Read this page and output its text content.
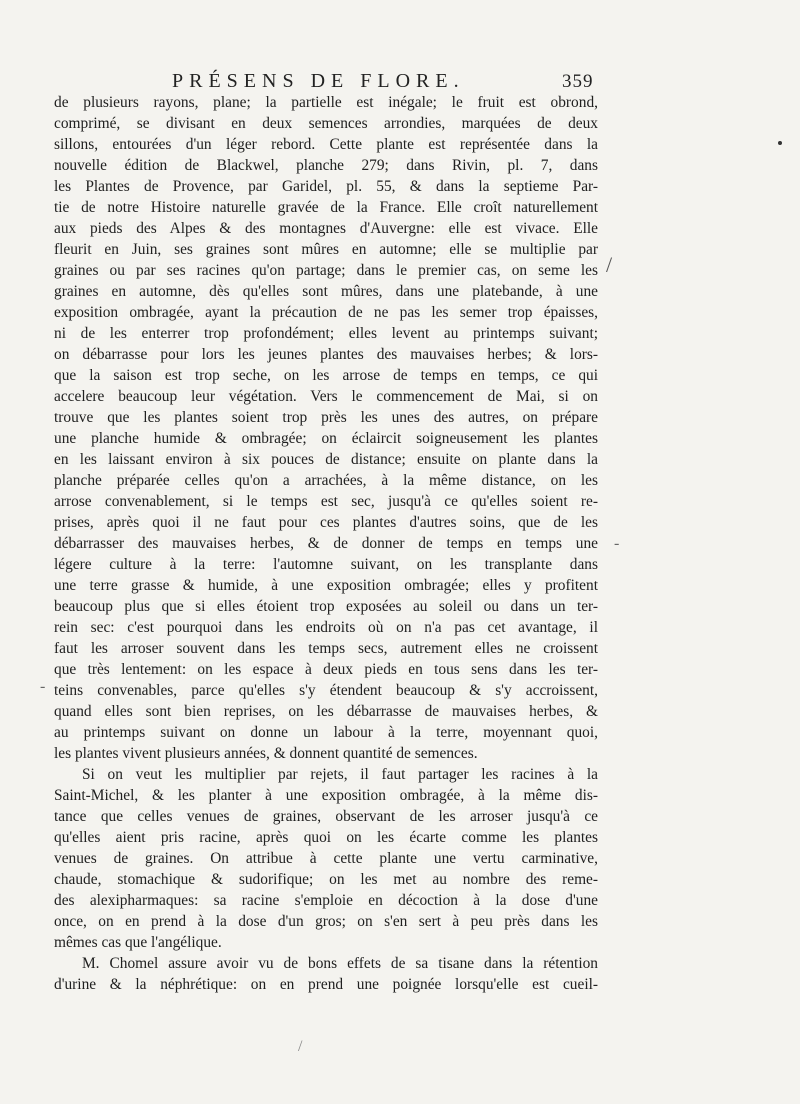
PRÉSENS DE FLORE.	359
de plusieurs rayons, plane; la partielle est inégale; le fruit est obrond,
comprimé, se divisant en deux semences arrondies, marquées de deux
sillons, entourées d'un léger rebord. Cette plante est représentée dans la
nouvelle édition de Blackwel, planche 279; dans Rivin, pl. 7, dans
les Plantes de Provence, par Garidel, pl. 55, & dans la septieme Par-
tie de notre Histoire naturelle gravée de la France. Elle croît naturellement
aux pieds des Alpes & des montagnes d'Auvergne: elle est vivace. Elle
fleurit en Juin, ses graines sont mûres en automne; elle se multiplie par
graines ou par ses racines qu'on partage; dans le premier cas, on seme les
graines en automne, dès qu'elles sont mûres, dans une platebande, à une
exposition ombragée, ayant la précaution de ne pas les semer trop épaisses,
ni de les enterrer trop profondément; elles levent au printemps suivant;
on débarrasse pour lors les jeunes plantes des mauvaises herbes; & lors-
que la saison est trop seche, on les arrose de temps en temps, ce qui
accelere beaucoup leur végétation. Vers le commencement de Mai, si on
trouve que les plantes soient trop près les unes des autres, on prépare
une planche humide & ombragée; on éclaircit soigneusement les plantes
en les laissant environ à six pouces de distance; ensuite on plante dans la
planche préparée celles qu'on a arrachées, à la même distance, on les
arrose convenablement, si le temps est sec, jusqu'à ce qu'elles soient re-
prises, après quoi il ne faut pour ces plantes d'autres soins, que de les
débarrasser des mauvaises herbes, & de donner de temps en temps une
légere culture à la terre: l'automne suivant, on les transplante dans
une terre grasse & humide, à une exposition ombragée; elles y profitent
beaucoup plus que si elles étoient trop exposées au soleil ou dans un ter-
rein sec: c'est pourquoi dans les endroits où on n'a pas cet avantage, il
faut les arroser souvent dans les temps secs, autrement elles ne croissent
que très lentement: on les espace à deux pieds en tous sens dans les ter-
teins convenables, parce qu'elles s'y étendent beaucoup & s'y accroissent,
quand elles sont bien reprises, on les débarrasse de mauvaises herbes, &
au printemps suivant on donne un labour à la terre, moyennant quoi,
les plantes vivent plusieurs années, & donnent quantité de semences.
Si on veut les multiplier par rejets, il faut partager les racines à la
Saint-Michel, & les planter à une exposition ombragée, à la même dis-
tance que celles venues de graines, observant de les arroser jusqu'à ce
qu'elles aient pris racine, après quoi on les écarte comme les plantes
venues de graines. On attribue à cette plante une vertu carminative,
chaude, stomachique & sudorifique; on les met au nombre des reme-
des alexipharmaques: sa racine s'emploie en décoction à la dose d'une
once, on en prend à la dose d'un gros; on s'en sert à peu près dans les
mêmes cas que l'angélique.
M. Chomel assure avoir vu de bons effets de sa tisane dans la rétention
d'urine & la néphrétique: on en prend une poignée lorsqu'elle est cueil-
/
-
-
/
